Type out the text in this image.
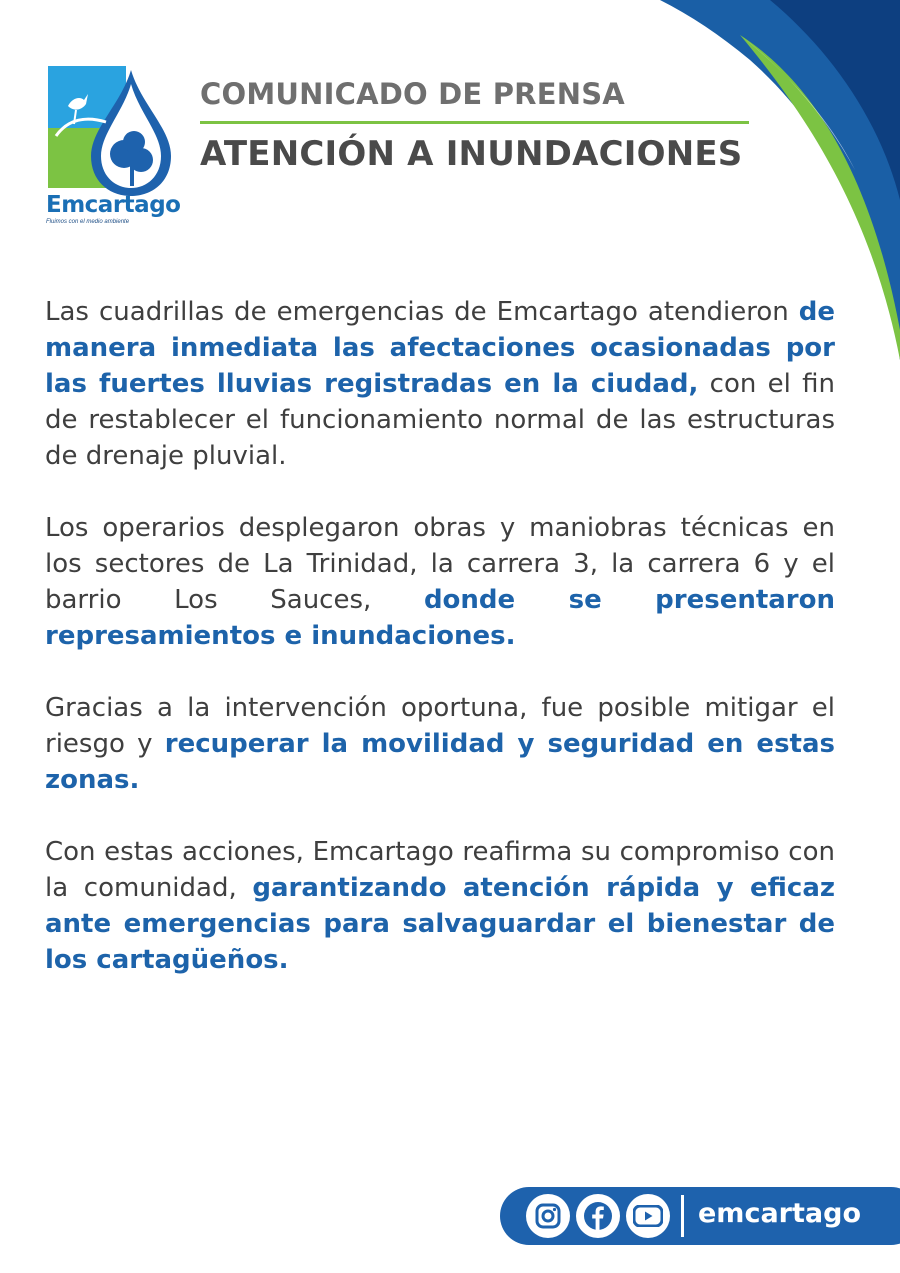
Emcartago
Fluimos con el medio ambiente
COMUNICADO DE PRENSA
ATENCIÓN A INUNDACIONES

Las cuadrillas de emergencias de Emcartago atendieron de manera inmediata las afectaciones ocasionadas por las fuertes lluvias registradas en la ciudad, con el fin de restablecer el funcionamiento normal de las estructuras de drenaje pluvial.

Los operarios desplegaron obras y maniobras técnicas en los sectores de La Trinidad, la carrera 3, la carrera 6 y el barrio Los Sauces, donde se presentaron represamientos e inundaciones.

Gracias a la intervención oportuna, fue posible mitigar el riesgo y recuperar la movilidad y seguridad en estas zonas.

Con estas acciones, Emcartago reafirma su compromiso con la comunidad, garantizando atención rápida y eficaz ante emergencias para salvaguardar el bienestar de los cartagüeños.

emcartago
